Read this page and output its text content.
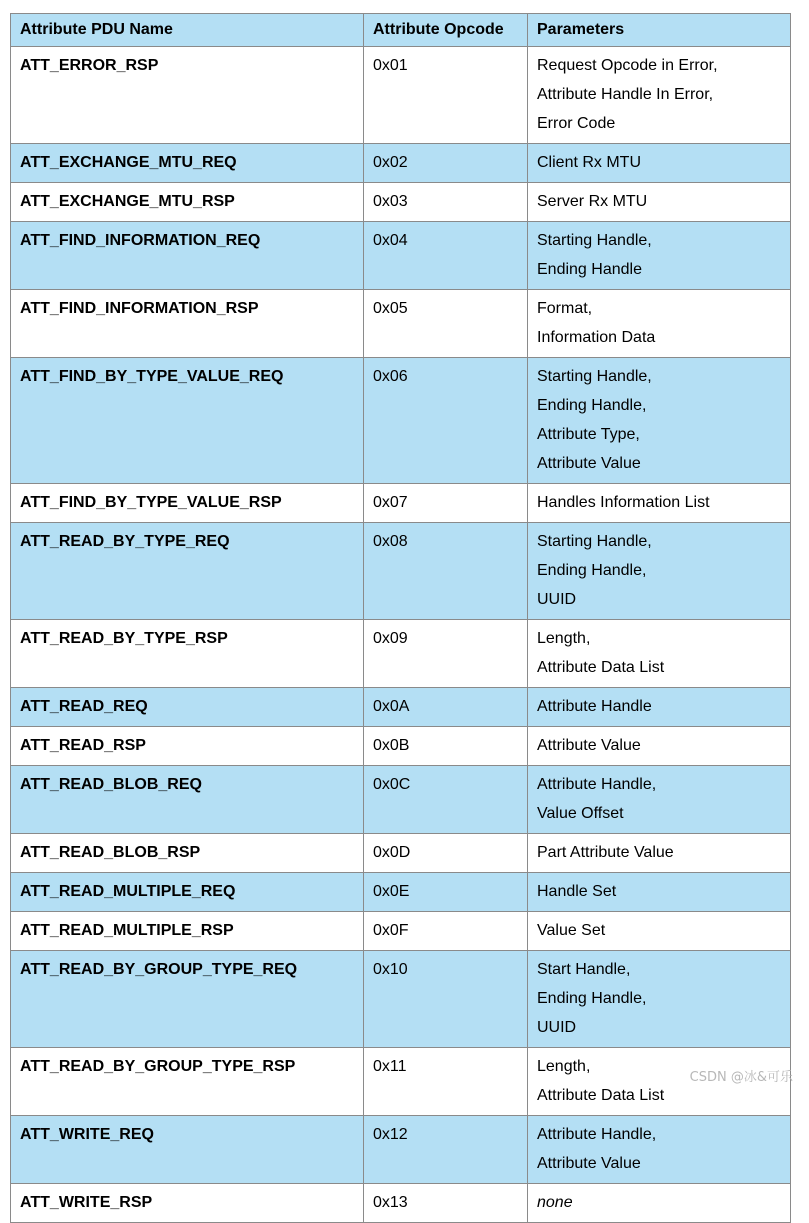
Attribute PDU Name	Attribute Opcode	Parameters
ATT_ERROR_RSP	0x01	Request Opcode in Error,
Attribute Handle In Error,
Error Code

ATT_EXCHANGE_MTU_REQ	0x02	Client Rx MTU

ATT_EXCHANGE_MTU_RSP	0x03	Server Rx MTU

ATT_FIND_INFORMATION_REQ	0x04	Starting Handle,
Ending Handle

ATT_FIND_INFORMATION_RSP	0x05	Format,
Information Data

ATT_FIND_BY_TYPE_VALUE_REQ	0x06	Starting Handle,
Ending Handle,
Attribute Type,
Attribute Value

ATT_FIND_BY_TYPE_VALUE_RSP	0x07	Handles Information List

ATT_READ_BY_TYPE_REQ	0x08	Starting Handle,
Ending Handle,
UUID

ATT_READ_BY_TYPE_RSP	0x09	Length,
Attribute Data List

ATT_READ_REQ	0x0A	Attribute Handle

ATT_READ_RSP	0x0B	Attribute Value

ATT_READ_BLOB_REQ	0x0C	Attribute Handle,
Value Offset

ATT_READ_BLOB_RSP	0x0D	Part Attribute Value

ATT_READ_MULTIPLE_REQ	0x0E	Handle Set

ATT_READ_MULTIPLE_RSP	0x0F	Value Set

ATT_READ_BY_GROUP_TYPE_REQ	0x10	Start Handle,
Ending Handle,
UUID

ATT_READ_BY_GROUP_TYPE_RSP	0x11	Length,
Attribute Data List

ATT_WRITE_REQ	0x12	Attribute Handle,
Attribute Value

ATT_WRITE_RSP	0x13	none
CSDN @冰&可乐
